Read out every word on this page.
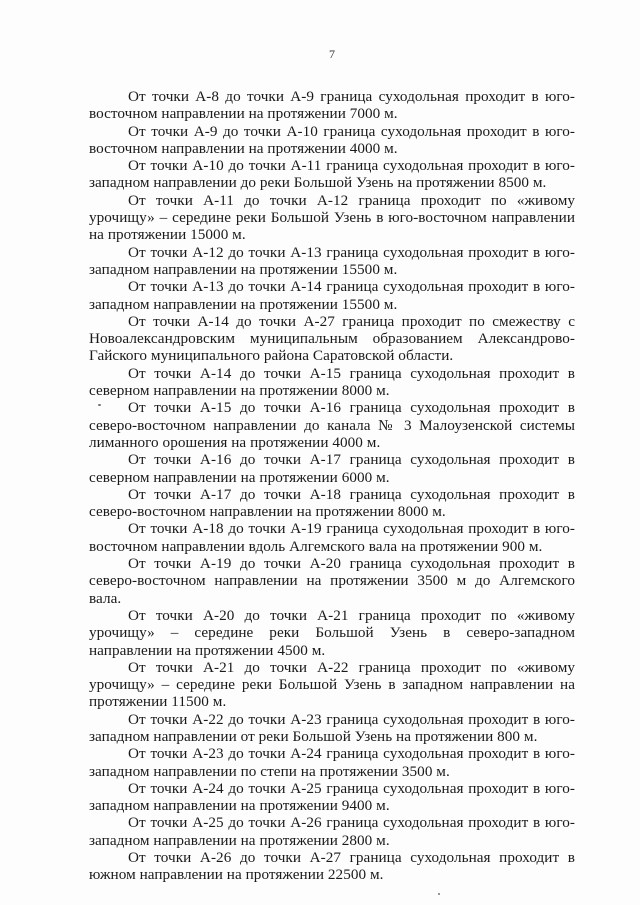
7

От точки А-8 до точки А-9 граница суходольная проходит в юго-восточном направлении на протяжении 7000 м.

От точки А-9 до точки А-10 граница суходольная проходит в юго-восточном направлении на протяжении 4000 м.

От точки А-10 до точки А-11 граница суходольная проходит в юго-западном направлении до реки Большой Узень на протяжении 8500 м.

От точки А-11 до точки А-12 граница проходит по «живому урочищу» – середине реки Большой Узень в юго-восточном направлении на протяжении 15000 м.

От точки А-12 до точки А-13 граница суходольная проходит в юго-западном направлении на протяжении 15500 м.

От точки А-13 до точки А-14 граница суходольная проходит в юго-западном направлении на протяжении 15500 м.

От точки А-14 до точки А-27 граница проходит по смежеству с Новоалександровским муниципальным образованием Александрово-Гайского муниципального района Саратовской области.

От точки А-14 до точки А-15 граница суходольная проходит в северном направлении на протяжении 8000 м.

От точки А-15 до точки А-16 граница суходольная проходит в северо-восточном направлении до канала № 3 Малоузенской системы лиманного орошения на протяжении 4000 м.

От точки А-16 до точки А-17 граница суходольная проходит в северном направлении на протяжении 6000 м.

От точки А-17 до точки А-18 граница суходольная проходит в северо-восточном направлении на протяжении 8000 м.

От точки А-18 до точки А-19 граница суходольная проходит в юго-восточном направлении вдоль Алгемского вала на протяжении 900 м.

От точки А-19 до точки А-20 граница суходольная проходит в северо-восточном направлении на протяжении 3500 м до Алгемского вала.

От точки А-20 до точки А-21 граница проходит по «живому урочищу» – середине реки Большой Узень в северо-западном направлении на протяжении 4500 м.

От точки А-21 до точки А-22 граница проходит по «живому урочищу» – середине реки Большой Узень в западном направлении на протяжении 11500 м.

От точки А-22 до точки А-23 граница суходольная проходит в юго-западном направлении от реки Большой Узень на протяжении 800 м.

От точки А-23 до точки А-24 граница суходольная проходит в юго-западном направлении по степи на протяжении 3500 м.

От точки А-24 до точки А-25 граница суходольная проходит в юго-западном направлении на протяжении 9400 м.

От точки А-25 до точки А-26 граница суходольная проходит в юго-западном направлении на протяжении 2800 м.

От точки А-26 до точки А-27 граница суходольная проходит в южном направлении на протяжении 22500 м.
